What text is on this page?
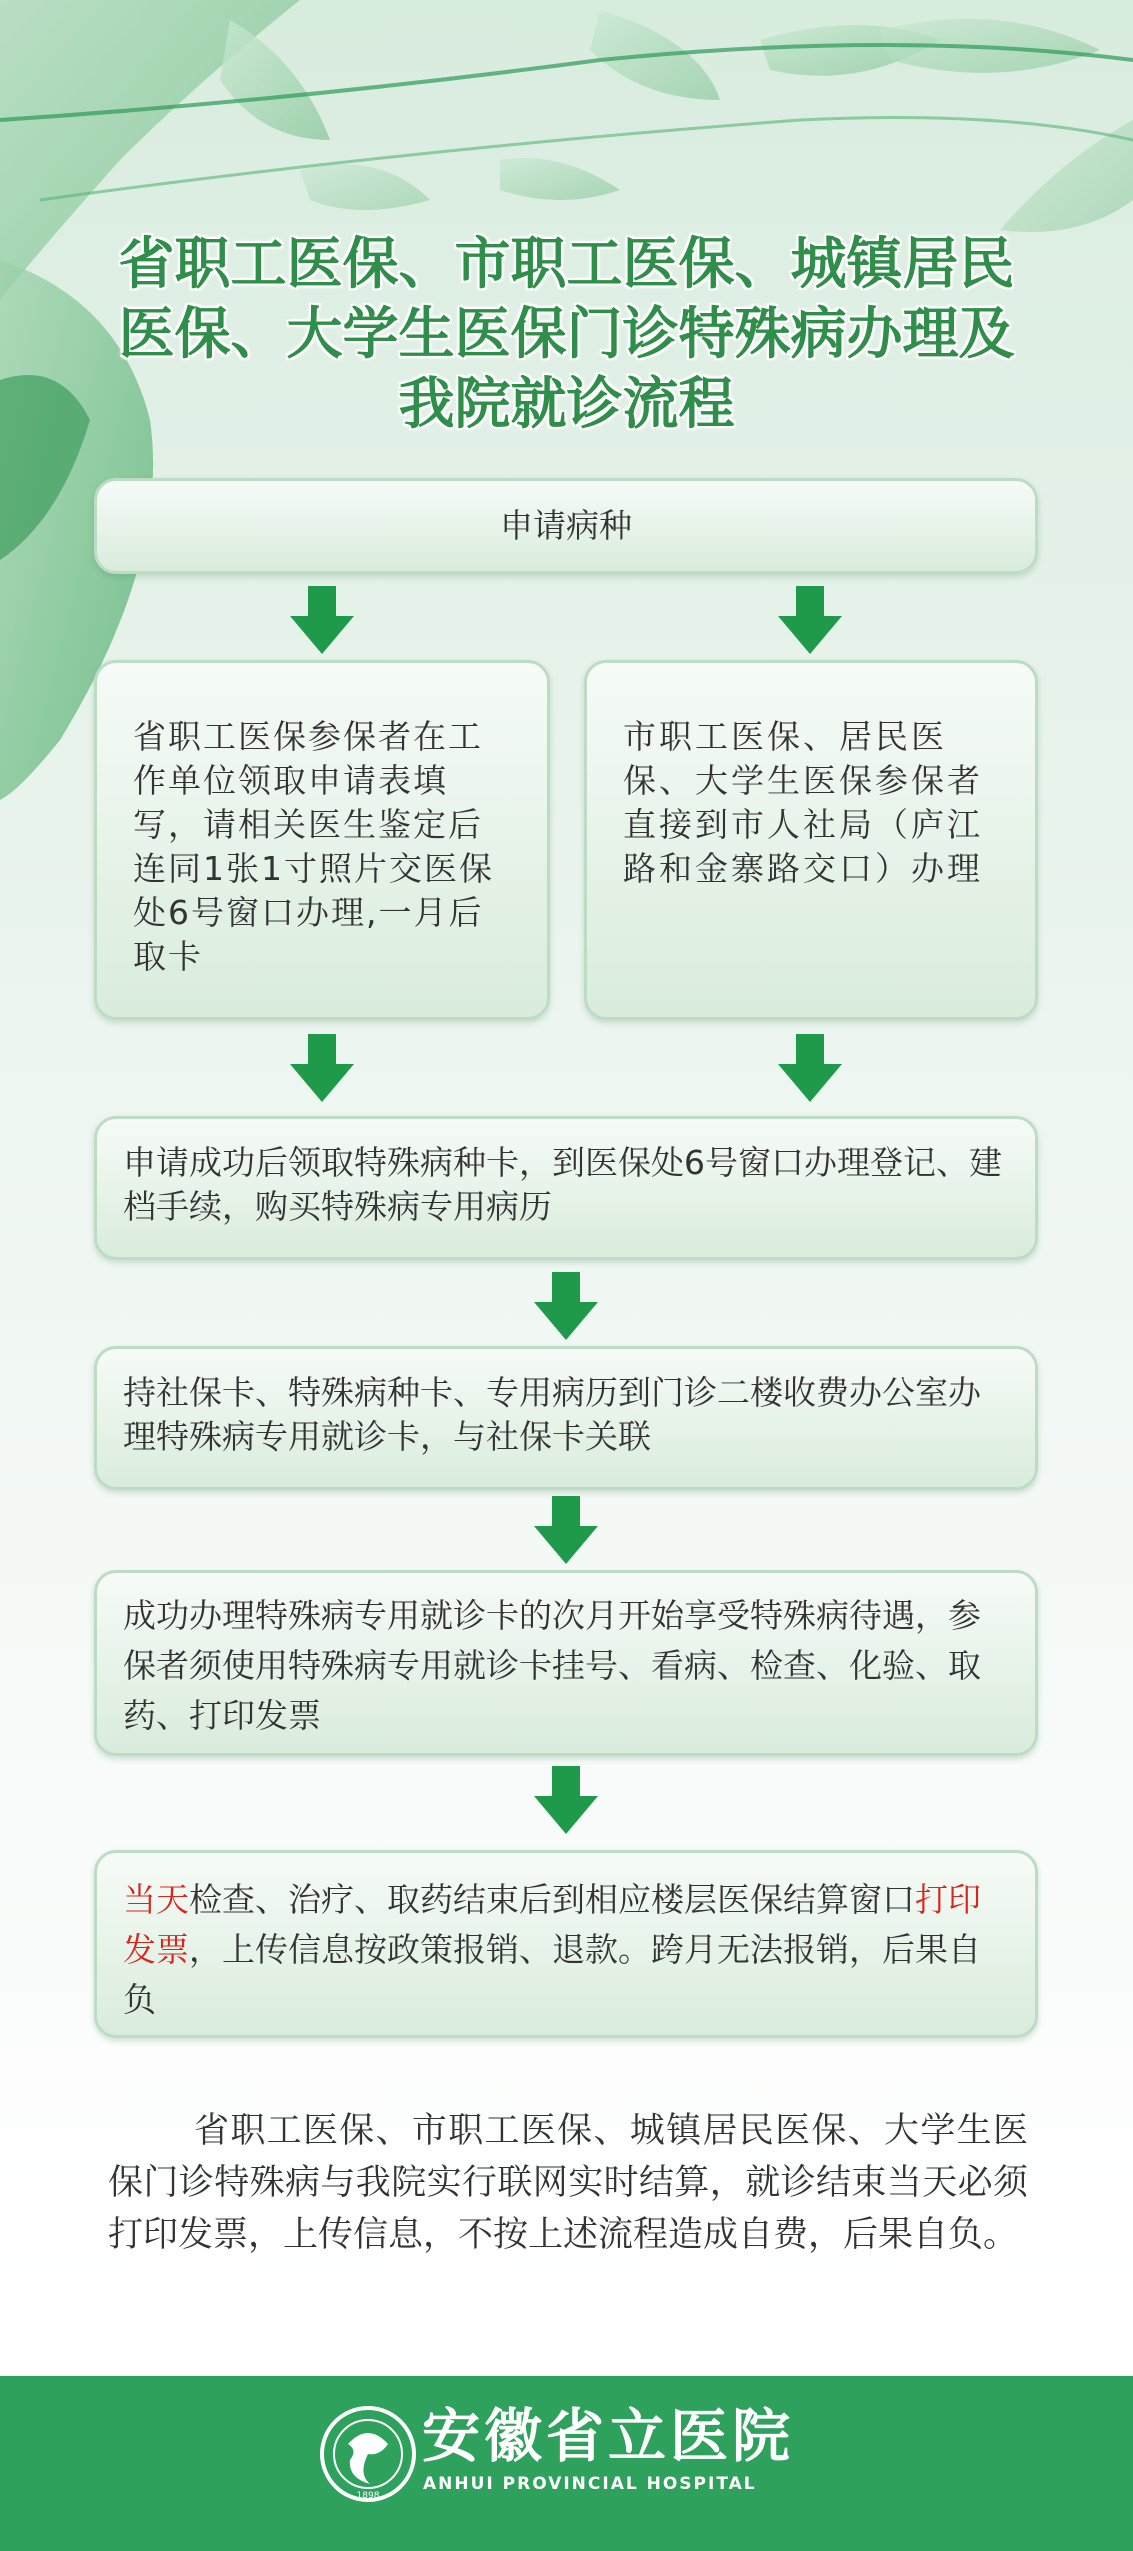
省职工医保、市职工医保、城镇居民
医保、大学生医保门诊特殊病办理及
我院就诊流程
申请病种
省职工医保参保者在工作单位领取申请表填写，请相关医生鉴定后连同1张1寸照片交医保处6号窗口办理,一月后取卡
市职工医保、居民医保、大学生医保参保者直接到市人社局（庐江路和金寨路交口）办理
申请成功后领取特殊病种卡，到医保处6号窗口办理登记、建档手续，购买特殊病专用病历
持社保卡、特殊病种卡、专用病历到门诊二楼收费办公室办理特殊病专用就诊卡，与社保卡关联
成功办理特殊病专用就诊卡的次月开始享受特殊病待遇，参保者须使用特殊病专用就诊卡挂号、看病、检查、化验、取药、打印发票
当天检查、治疗、取药结束后到相应楼层医保结算窗口打印发票，上传信息按政策报销、退款。跨月无法报销，后果自负
省职工医保、市职工医保、城镇居民医保、大学生医保门诊特殊病与我院实行联网实时结算，就诊结束当天必须打印发票，上传信息，不按上述流程造成自费，后果自负。
1898
安徽省立医院
ANHUI PROVINCIAL HOSPITAL
